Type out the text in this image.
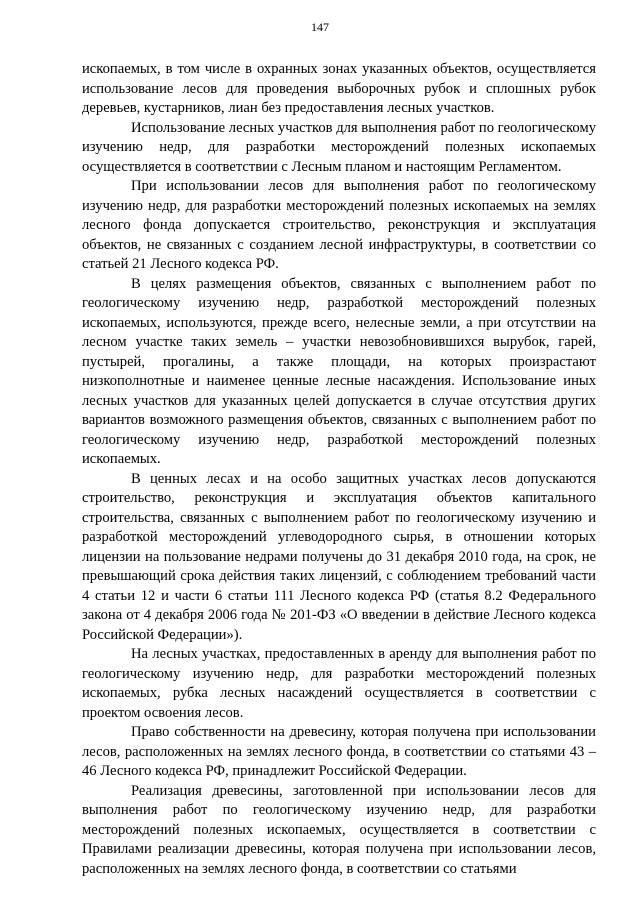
147

ископаемых, в том числе в охранных зонах указанных объектов, осуществляется использование лесов для проведения выборочных рубок и сплошных рубок деревьев, кустарников, лиан без предоставления лесных участков.

Использование лесных участков для выполнения работ по геологическому изучению недр, для разработки месторождений полезных ископаемых осуществляется в соответствии с Лесным планом и настоящим Регламентом.

При использовании лесов для выполнения работ по геологическому изучению недр, для разработки месторождений полезных ископаемых на землях лесного фонда допускается строительство, реконструкция и эксплуатация объектов, не связанных с созданием лесной инфраструктуры, в соответствии со статьей 21 Лесного кодекса РФ.

В целях размещения объектов, связанных с выполнением работ по геологическому изучению недр, разработкой месторождений полезных ископаемых, используются, прежде всего, нелесные земли, а при отсутствии на лесном участке таких земель – участки невозобновившихся вырубок, гарей, пустырей, прогалины, а также площади, на которых произрастают низкополнотные и наименее ценные лесные насаждения. Использование иных лесных участков для указанных целей допускается в случае отсутствия других вариантов возможного размещения объектов, связанных с выполнением работ по геологическому изучению недр, разработкой месторождений полезных ископаемых.

В ценных лесах и на особо защитных участках лесов допускаются строительство, реконструкция и эксплуатация объектов капитального строительства, связанных с выполнением работ по геологическому изучению и разработкой месторождений углеводородного сырья, в отношении которых лицензии на пользование недрами получены до 31 декабря 2010 года, на срок, не превышающий срока действия таких лицензий, с соблюдением требований части 4 статьи 12 и части 6 статьи 111 Лесного кодекса РФ (статья 8.2 Федерального закона от 4 декабря 2006 года № 201-ФЗ «О введении в действие Лесного кодекса Российской Федерации»).

На лесных участках, предоставленных в аренду для выполнения работ по геологическому изучению недр, для разработки месторождений полезных ископаемых, рубка лесных насаждений осуществляется в соответствии с проектом освоения лесов.

Право собственности на древесину, которая получена при использовании лесов, расположенных на землях лесного фонда, в соответствии со статьями 43 – 46 Лесного кодекса РФ, принадлежит Российской Федерации.

Реализация древесины, заготовленной при использовании лесов для выполнения работ по геологическому изучению недр, для разработки месторождений полезных ископаемых, осуществляется в соответствии с Правилами реализации древесины, которая получена при использовании лесов, расположенных на землях лесного фонда, в соответствии со статьями
